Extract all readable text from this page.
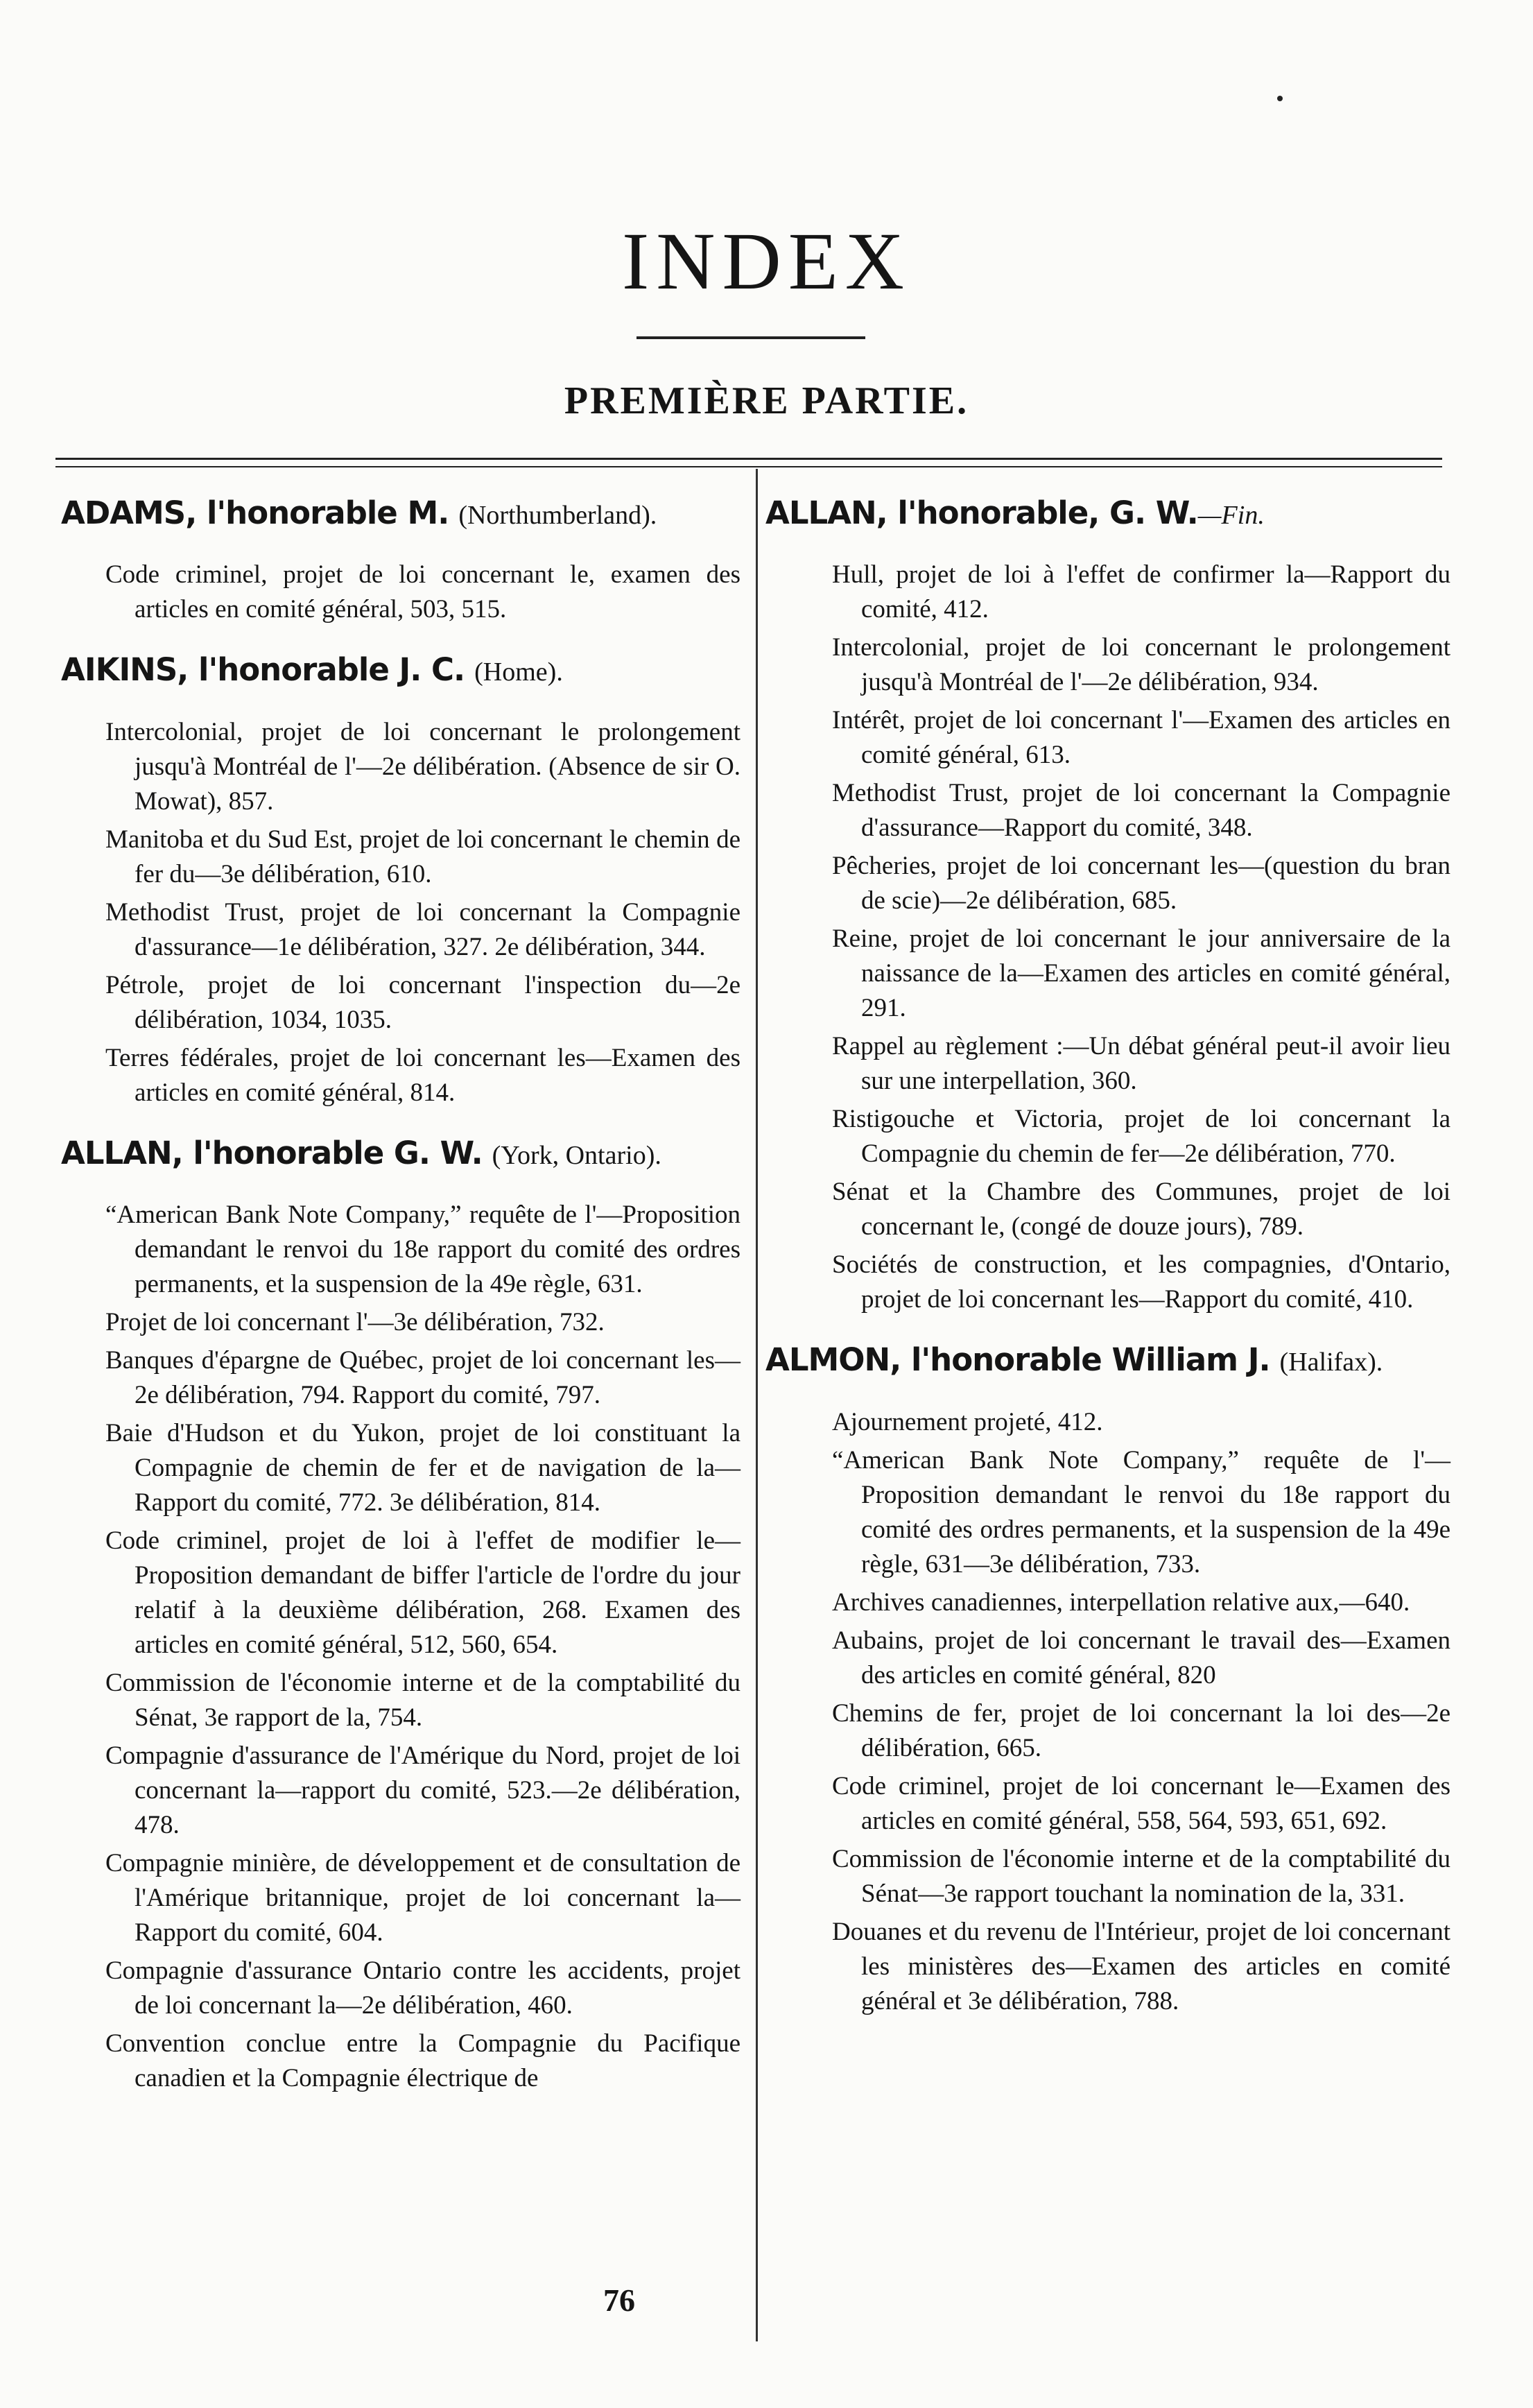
INDEX
PREMIÈRE PARTIE.
ADAMS, l'honorable M. (Northumberland).
Code criminel, projet de loi concernant le, examen des articles en comité général, 503, 515.
AIKINS, l'honorable J. C. (Home).
Intercolonial, projet de loi concernant le prolongement jusqu'à Montréal de l'—2e délibération. (Absence de sir O. Mowat), 857.
Manitoba et du Sud Est, projet de loi concernant le chemin de fer du—3e délibération, 610.
Methodist Trust, projet de loi concernant la Compagnie d'assurance—1e délibération, 327. 2e délibération, 344.
Pétrole, projet de loi concernant l'inspection du—2e délibération, 1034, 1035.
Terres fédérales, projet de loi concernant les—Examen des articles en comité général, 814.
ALLAN, l'honorable G. W. (York, Ontario).
“American Bank Note Company,” requête de l'—Proposition demandant le renvoi du 18e rapport du comité des ordres permanents, et la suspension de la 49e règle, 631.
Projet de loi concernant l'—3e délibération, 732.
Banques d'épargne de Québec, projet de loi concernant les—2e délibération, 794. Rapport du comité, 797.
Baie d'Hudson et du Yukon, projet de loi constituant la Compagnie de chemin de fer et de navigation de la—Rapport du comité, 772. 3e délibération, 814.
Code criminel, projet de loi à l'effet de modifier le—Proposition demandant de biffer l'article de l'ordre du jour relatif à la deuxième délibération, 268. Examen des articles en comité général, 512, 560, 654.
Commission de l'économie interne et de la comptabilité du Sénat, 3e rapport de la, 754.
Compagnie d'assurance de l'Amérique du Nord, projet de loi concernant la—rapport du comité, 523.—2e délibération, 478.
Compagnie minière, de développement et de consultation de l'Amérique britannique, projet de loi concernant la—Rapport du comité, 604.
Compagnie d'assurance Ontario contre les accidents, projet de loi concernant la—2e délibération, 460.
Convention conclue entre la Compagnie du Pacifique canadien et la Compagnie électrique de
ALLAN, l'honorable, G. W.—Fin.
Hull, projet de loi à l'effet de confirmer la—Rapport du comité, 412.
Intercolonial, projet de loi concernant le prolongement jusqu'à Montréal de l'—2e délibération, 934.
Intérêt, projet de loi concernant l'—Examen des articles en comité général, 613.
Methodist Trust, projet de loi concernant la Compagnie d'assurance—Rapport du comité, 348.
Pêcheries, projet de loi concernant les—(question du bran de scie)—2e délibération, 685.
Reine, projet de loi concernant le jour anniversaire de la naissance de la—Examen des articles en comité général, 291.
Rappel au règlement :—Un débat général peut-il avoir lieu sur une interpellation, 360.
Ristigouche et Victoria, projet de loi concernant la Compagnie du chemin de fer—2e délibération, 770.
Sénat et la Chambre des Communes, projet de loi concernant le, (congé de douze jours), 789.
Sociétés de construction, et les compagnies, d'Ontario, projet de loi concernant les—Rapport du comité, 410.
ALMON, l'honorable William J. (Halifax).
Ajournement projeté, 412.
“American Bank Note Company,” requête de l'—Proposition demandant le renvoi du 18e rapport du comité des ordres permanents, et la suspension de la 49e règle, 631—3e délibération, 733.
Archives canadiennes, interpellation relative aux,—640.
Aubains, projet de loi concernant le travail des—Examen des articles en comité général, 820
Chemins de fer, projet de loi concernant la loi des—2e délibération, 665.
Code criminel, projet de loi concernant le—Examen des articles en comité général, 558, 564, 593, 651, 692.
Commission de l'économie interne et de la comptabilité du Sénat—3e rapport touchant la nomination de la, 331.
Douanes et du revenu de l'Intérieur, projet de loi concernant les ministères des—Examen des articles en comité général et 3e délibération, 788.
76
